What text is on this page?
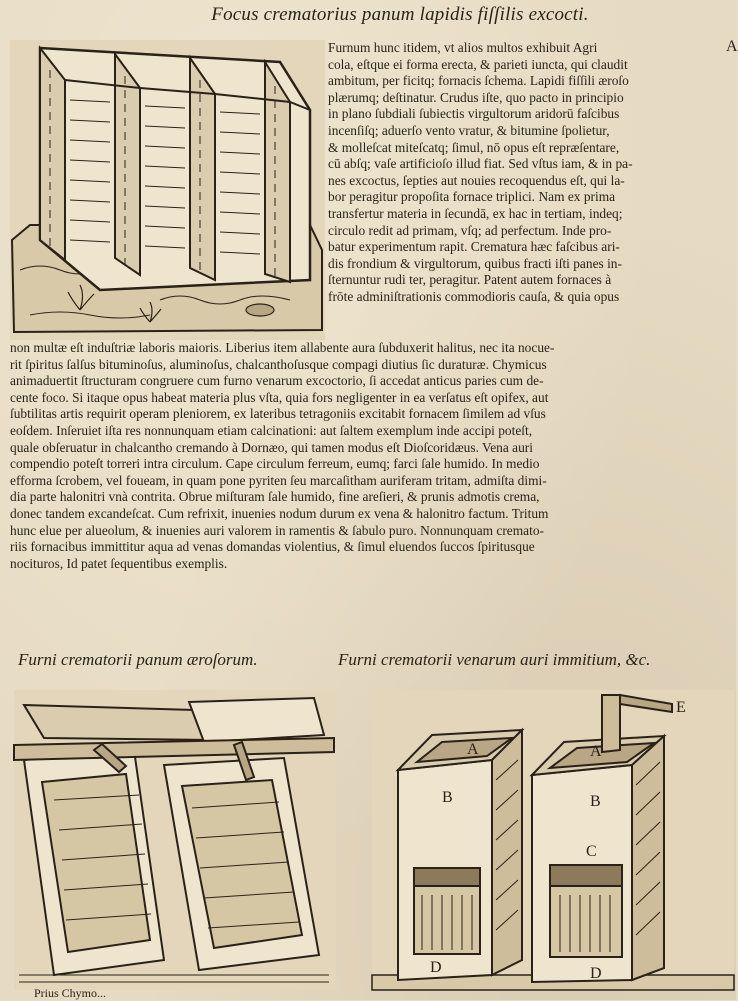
Focus crematorius panum lapidis fiſſilis excocti.
A

Furnum hunc itidem, vt alios multos exhibuit Agri
cola, eſtque ei forma erecta, & parieti iuncta, qui claudit
ambitum, per ficitq; fornacis ſchema. Lapidi fiſſili æroſo
plærumq; deſtinatur. Crudus iſte, quo pacto in principio
in plano ſubdiali ſubiectis virgultorum aridorū faſcibus
incenſiſq; aduerſo vento vratur, & bitumine ſpolietur,
& molleſcat miteſcatq; ſimul, nō opus eſt repræſentare,
cū abſq; vaſe artificioſo illud fiat. Sed vſtus iam, & in pa-
nes excoctus, ſepties aut nouies recoquendus eſt, qui la-
bor peragitur propoſita fornace triplici. Nam ex prima
transfertur materia in ſecundā, ex hac in tertiam, indeq;
circulo redit ad primam, vſq; ad perfectum. Inde pro-
batur experimentum rapit. Crematura hæc faſcibus ari-
dis frondium & virgultorum, quibus fracti iſti panes in-
ſternuntur rudi ter, peragitur. Patent autem fornaces à
frōte adminiſtrationis commodioris cauſa, & quia opus

non multæ eſt induſtriæ laboris maioris. Liberius item allabente aura ſubduxerit halitus, nec ita nocue-
rit ſpiritus ſalſus bituminoſus, aluminoſus, chalcanthoſusque compagi diutius ſic duraturæ. Chymicus
animaduertit ſtructuram congruere cum furno venarum excoctorio, ſi accedat anticus paries cum de-
cente foco. Si itaque opus habeat materia plus vſta, quia fors negligenter in ea verſatus eſt opifex, aut
ſubtilitas artis requirit operam pleniorem, ex lateribus tetragoniis excitabit fornacem ſimilem ad vſus
eoſdem. Inſeruiet iſta res nonnunquam etiam calcinationi: aut ſaltem exemplum inde accipi poteſt,
quale obſeruatur in chalcantho cremando à Dornæo, qui tamen modus eſt Dioſcoridæus. Vena auri
compendio poteſt torreri intra circulum. Cape circulum ferreum, eumq; farci ſale humido. In medio
efforma ſcrobem, vel foueam, in quam pone pyriten ſeu marcaſitham auriferam tritam, admiſta dimi-
dia parte halonitri vnà contrita. Obrue miſturam ſale humido, fine areſieri, & prunis admotis crema,
donec tandem excandeſcat. Cum refrixit, inuenies nodum durum ex vena & halonitro factum. Tritum
hunc elue per alueolum, & inuenies auri valorem in ramentis & ſabulo puro. Nonnunquam cremato-
riis fornacibus immittitur aqua ad venas domandas violentius, & ſimul eluendos ſuccos ſpiritusque
nocituros, Id patet ſequentibus exemplis.

Furni crematorii panum æroſorum.	Furni crematorii venarum auri immitium, &c.
A	A
B	B
C
D	D
E
Prius Chymo...
